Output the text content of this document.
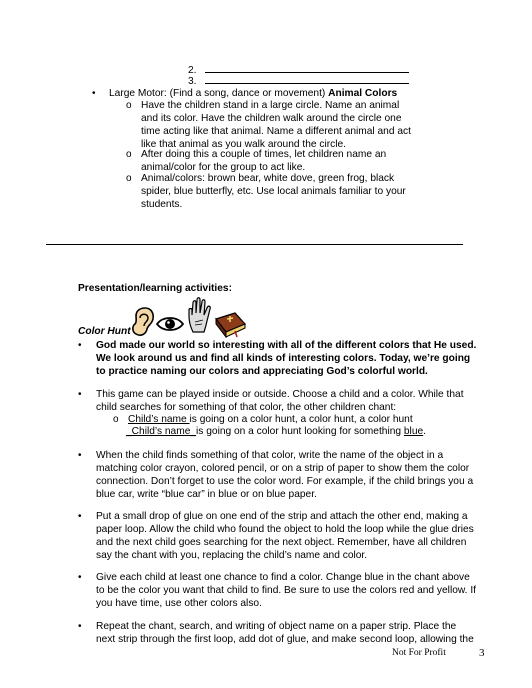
2.
3.
• Large Motor: (Find a song, dance or movement) Animal Colors
o Have the children stand in a large circle. Name an animal
and its color. Have the children walk around the circle one
time acting like that animal. Name a different animal and act
like that animal as you walk around the circle.
o After doing this a couple of times, let children name an
animal/color for the group to act like.
o Animal/colors: brown bear, white dove, green frog, black
spider, blue butterfly, etc. Use local animals familiar to your
students.
Presentation/learning activities:
Color Hunt
• God made our world so interesting with all of the different colors that He used.
We look around us and find all kinds of interesting colors. Today, we’re going
to practice naming our colors and appreciating God’s colorful world.
• This game can be played inside or outside. Choose a child and a color. While that
child searches for something of that color, the other children chant:
o Child’s name is going on a color hunt, a color hunt, a color hunt
_Child’s name_is going on a color hunt looking for something blue.
• When the child finds something of that color, write the name of the object in a
matching color crayon, colored pencil, or on a strip of paper to show them the color
connection. Don’t forget to use the color word. For example, if the child brings you a
blue car, write “blue car” in blue or on blue paper.
• Put a small drop of glue on one end of the strip and attach the other end, making a
paper loop. Allow the child who found the object to hold the loop while the glue dries
and the next child goes searching for the next object. Remember, have all children
say the chant with you, replacing the child’s name and color.
• Give each child at least one chance to find a color. Change blue in the chant above
to be the color you want that child to find. Be sure to use the colors red and yellow. If
you have time, use other colors also.
• Repeat the chant, search, and writing of object name on a paper strip. Place the
next strip through the first loop, add dot of glue, and make second loop, allowing the
Not For Profit	3
